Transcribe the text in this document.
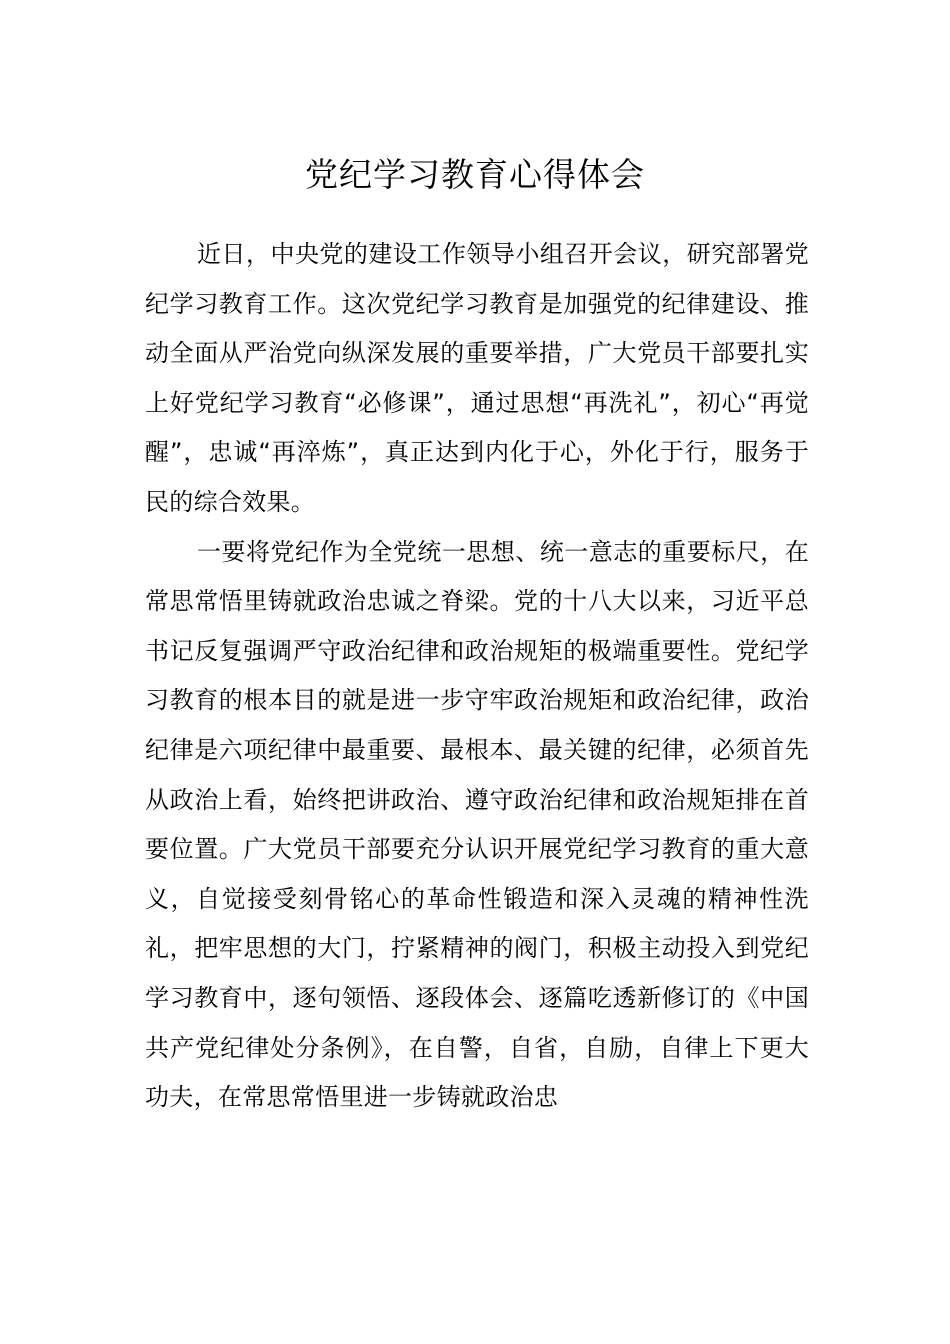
党纪学习教育心得体会

近日，中央党的建设工作领导小组召开会议，研究部署党纪学习教育工作。这次党纪学习教育是加强党的纪律建设、推动全面从严治党向纵深发展的重要举措，广大党员干部要扎实上好党纪学习教育“必修课”，通过思想“再洗礼”，初心“再觉醒”，忠诚“再淬炼”，真正达到内化于心，外化于行，服务于民的综合效果。

一要将党纪作为全党统一思想、统一意志的重要标尺，在常思常悟里铸就政治忠诚之脊梁。党的十八大以来，习近平总书记反复强调严守政治纪律和政治规矩的极端重要性。党纪学习教育的根本目的就是进一步守牢政治规矩和政治纪律，政治纪律是六项纪律中最重要、最根本、最关键的纪律，必须首先从政治上看，始终把讲政治、遵守政治纪律和政治规矩排在首要位置。广大党员干部要充分认识开展党纪学习教育的重大意义，自觉接受刻骨铭心的革命性锻造和深入灵魂的精神性洗礼，把牢思想的大门，拧紧精神的阀门，积极主动投入到党纪学习教育中，逐句领悟、逐段体会、逐篇吃透新修订的《中国共产党纪律处分条例》，在自警，自省，自励，自律上下更大功夫，在常思常悟里进一步铸就政治忠
